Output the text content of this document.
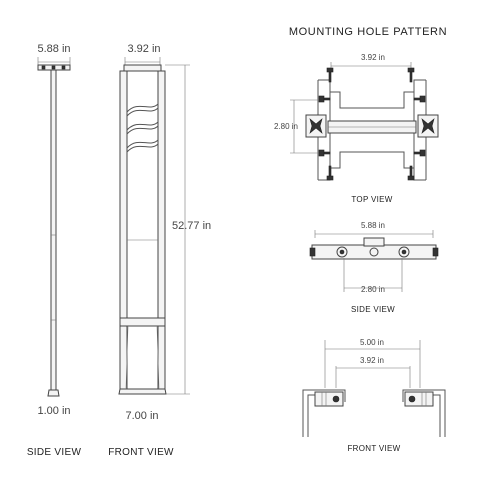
5.88 in
1.00 in
SIDE VIEW
3.92 in
52.77 in
7.00 in
FRONT VIEW
MOUNTING HOLE PATTERN
3.92 in
2.80 in
TOP VIEW
5.88 in
2.80 in
SIDE VIEW
5.00 in
3.92 in
FRONT VIEW
